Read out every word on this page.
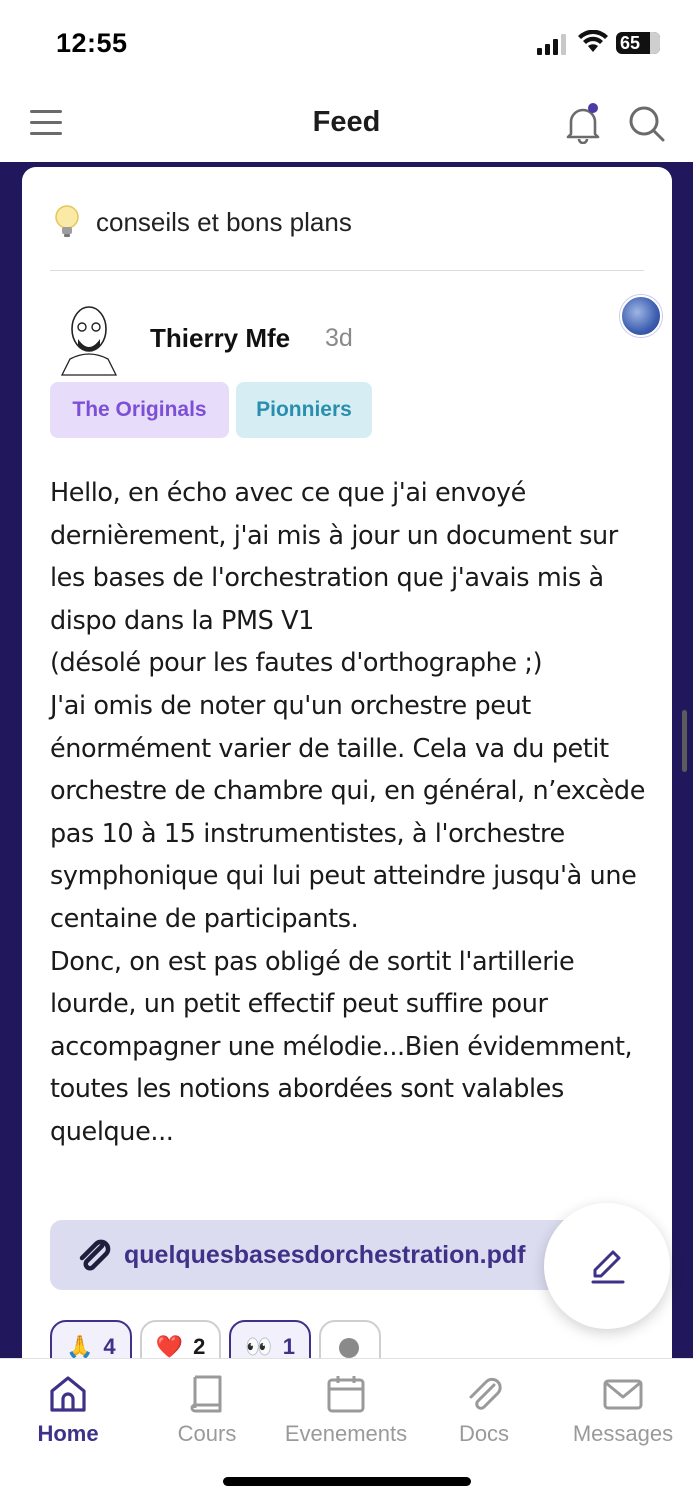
12:55	65
Feed
conseils et bons plans
Thierry Mfe 3d
The Originals	Pionniers
Hello, en écho avec ce que j'ai envoyé dernièrement, j'ai mis à jour un document sur les bases de l'orchestration que j'avais mis à dispo dans la PMS V1
(désolé pour les fautes d'orthographe ;)
J'ai omis de noter qu'un orchestre peut énormément varier de taille. Cela va du petit orchestre de chambre qui, en général, n’excède pas 10 à 15 instrumentistes, à l'orchestre symphonique qui lui peut atteindre jusqu'à une centaine de participants.
Donc, on est pas obligé de sortit l'artillerie lourde, un petit effectif peut suffire pour accompagner une mélodie...Bien évidemment, toutes les notions abordées sont valables quelque...
quelquesbasesdorchestration.pdf
🙏 4 ❤️ 2 👀 1
Home	Cours Evenements Docs	Messages
